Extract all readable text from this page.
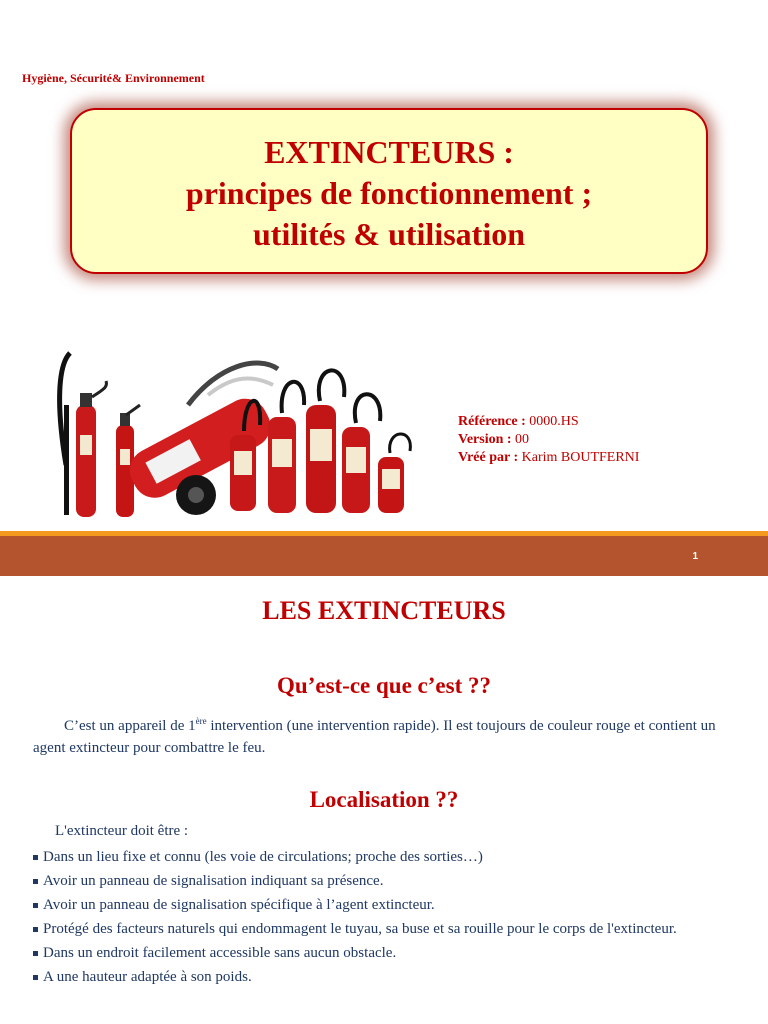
Hygiène, Sécurité& Environnement
EXTINCTEURS :
principes de fonctionnement ;
utilités & utilisation
Référence : 0000.HS
Version : 00
Vréé par : Karim BOUTFERNI
1
LES EXTINCTEURS
Qu’est-ce que c’est ??
C’est un appareil de 1ère intervention (une intervention rapide). Il est toujours de couleur rouge et contient un agent extincteur pour combattre le feu.
Localisation ??
L'extincteur doit être :
Dans un lieu fixe et connu (les voie de circulations; proche des sorties…)
Avoir un panneau de signalisation indiquant sa présence.
Avoir un panneau de signalisation spécifique à l’agent extincteur.
Protégé des facteurs naturels qui endommagent le tuyau, sa buse et sa rouille pour le corps de l'extincteur.
Dans un endroit facilement accessible sans aucun obstacle.
A une hauteur adaptée à son poids.
